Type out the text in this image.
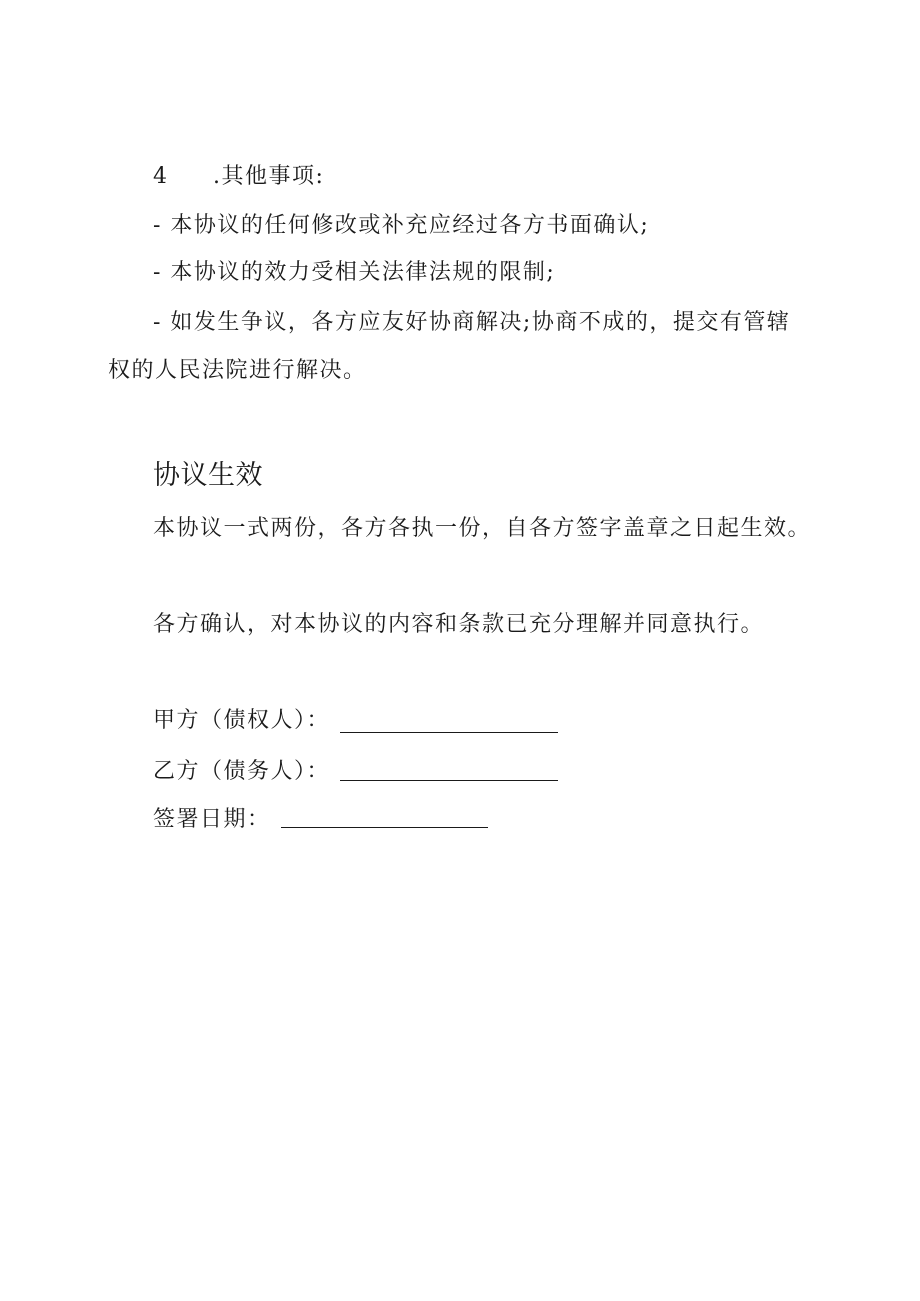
4 .其他事项:
- 本协议的任何修改或补充应经过各方书面确认;
- 本协议的效力受相关法律法规的限制;
- 如发生争议，各方应友好协商解决;协商不成的，提交有管辖
权的人民法院进行解决。
协议生效
本协议一式两份，各方各执一份，自各方签字盖章之日起生效。
各方确认，对本协议的内容和条款已充分理解并同意执行。
甲方（债权人）：
乙方（债务人）：
签署日期：
